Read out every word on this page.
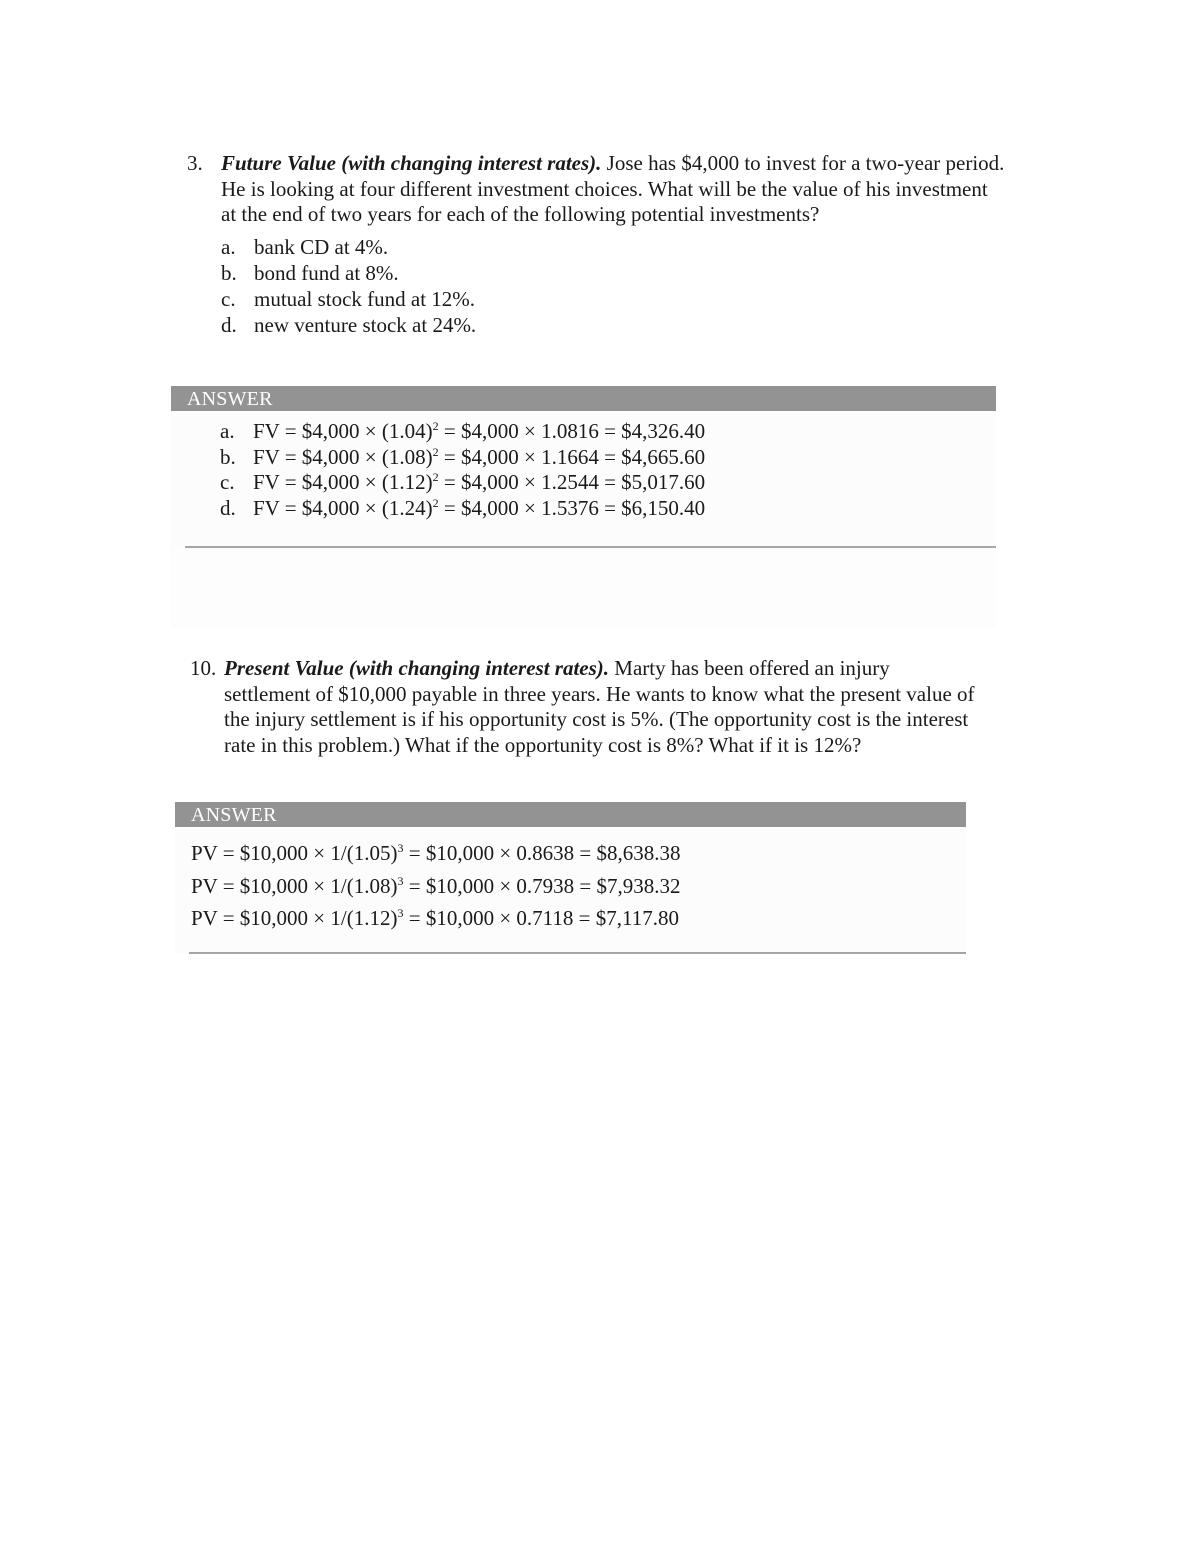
3. Future Value (with changing interest rates). Jose has $4,000 to invest for a two-year period. He is looking at four different investment choices. What will be the value of his investment at the end of two years for each of the following potential investments?
a. bank CD at 4%.
b. bond fund at 8%.
c. mutual stock fund at 12%.
d. new venture stock at 24%.
ANSWER
a. FV = $4,000 × $(1.04)^2$ = $4,000 × 1.0816 = $4,326.40
b. FV = $4,000 × $(1.08)^2$ = $4,000 × 1.1664 = $4,665.60
c. FV = $4,000 × $(1.12)^2$ = $4,000 × 1.2544 = $5,017.60
d. FV = $4,000 × $(1.24)^2$ = $4,000 × 1.5376 = $6,150.40
10. Present Value (with changing interest rates). Marty has been offered an injury settlement of $10,000 payable in three years. He wants to know what the present value of the injury settlement is if his opportunity cost is 5%. (The opportunity cost is the interest rate in this problem.) What if the opportunity cost is 8%? What if it is 12%?
ANSWER
PV = $10,000 × $1/(1.05)^3$ = $10,000 × 0.8638 = $8,638.38
PV = $10,000 × $1/(1.08)^3$ = $10,000 × 0.7938 = $7,938.32
PV = $10,000 × $1/(1.12)^3$ = $10,000 × 0.7118 = $7,117.80
